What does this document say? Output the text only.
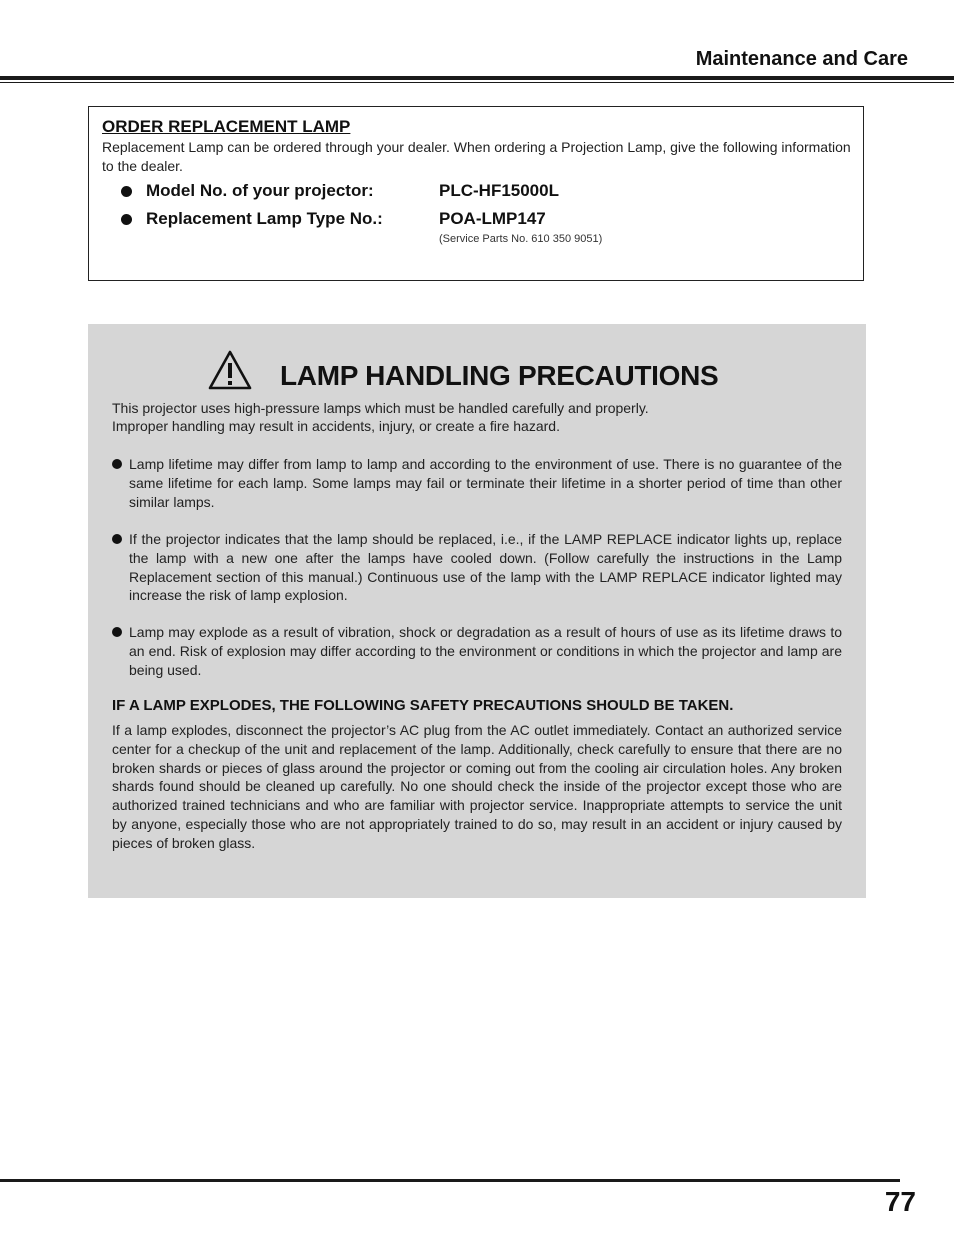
Maintenance and Care
ORDER REPLACEMENT LAMP
Replacement Lamp can be ordered through your dealer. When ordering a Projection Lamp, give the following information to the dealer.
Model No. of your projector:	PLC-HF15000L
Replacement Lamp Type No.:	POA-LMP147
(Service Parts No. 610 350 9051)
LAMP HANDLING PRECAUTIONS
This projector uses high-pressure lamps which must be handled carefully and properly.
Improper handling may result in accidents, injury, or create a fire hazard.
Lamp lifetime may differ from lamp to lamp and according to the environment of use. There is no guarantee of the same lifetime for each lamp. Some lamps may fail or terminate their lifetime in a shorter period of time than other similar lamps.
If the projector indicates that the lamp should be replaced, i.e., if the LAMP REPLACE indicator lights up, replace the lamp with a new one after the lamps have cooled down. (Follow carefully the instructions in the Lamp Replacement section of this manual.) Continuous use of the lamp with the LAMP REPLACE indicator lighted may increase the risk of lamp explosion.
Lamp may explode as a result of vibration, shock or degradation as a result of hours of use as its lifetime draws to an end. Risk of explosion may differ according to the environment or conditions in which the projector and lamp are being used.
IF A LAMP EXPLODES, THE FOLLOWING SAFETY PRECAUTIONS SHOULD BE TAKEN.
If a lamp explodes, disconnect the projector’s AC plug from the AC outlet immediately. Contact an authorized service center for a checkup of the unit and replacement of the lamp. Additionally, check carefully to ensure that there are no broken shards or pieces of glass around the projector or coming out from the cooling air circulation holes. Any broken shards found should be cleaned up carefully. No one should check the inside of the projector except those who are authorized trained technicians and who are familiar with projector service. Inappropriate attempts to service the unit by anyone, especially those who are not appropriately trained to do so, may result in an accident or injury caused by pieces of broken glass.
77
